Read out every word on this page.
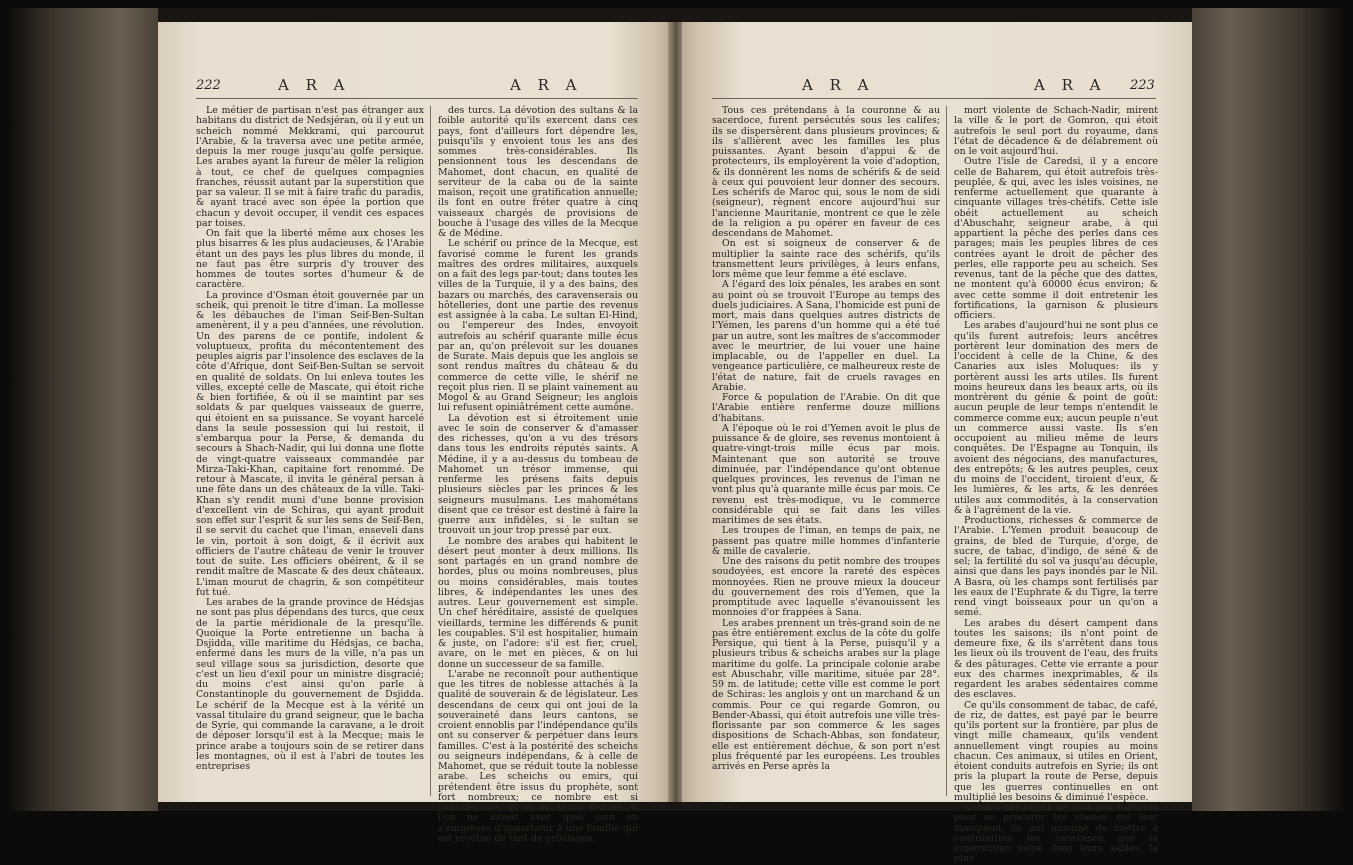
222	A R A	A R A

Le métier de partisan n'est pas étranger aux habitans du district de Nedsjéran, où il y eut un scheich nommé Mekkrami, qui parcourut l'Arabie, & la traversa avec une petite armée, depuis la mer rouge jusqu'au golfe persique. Les arabes ayant la fureur de mêler la religion à tout, ce chef de quelques compagnies franches, réussit autant par la superstition que par sa valeur. Il se mit à faire trafic du paradis, & ayant tracé avec son épée la portion que chacun y devoit occuper, il vendit ces espaces par toises.

On fait que la liberté même aux choses les plus bisarres & les plus audacieuses, & l'Arabie étant un des pays les plus libres du monde, il ne faut pas être surpris d'y trouver des hommes de toutes sortes d'humeur & de caractère.

La province d'Osman étoit gouvernée par un scheik, qui prenoit le titre d'iman. La mollesse & les débauches de l'iman Seif-Ben-Sultan amenèrent, il y a peu d'années, une révolution. Un des parens de ce pontife, indolent & voluptueux, profita du mécontentement des peuples aigris par l'insolence des esclaves de la côte d'Afrique, dont Seif-Ben-Sultan se servoit en qualité de soldats. On lui enleva toutes les villes, excepté celle de Mascate, qui étoit riche & bien fortifiée, & où il se maintint par ses soldats & par quelques vaisseaux de guerre, qui étoient en sa puissance. Se voyant harcelé dans la seule possession qui lui restoit, il s'embarqua pour la Perse, & demanda du secours à Shach-Nadir, qui lui donna une flotte de vingt-quatre vaisseaux commandée par Mirza-Taki-Khan, capitaine fort renommé. De retour à Mascate, il invita le général persan à une fête dans un des châteaux de la ville. Taki-Khan s'y rendit muni d'une bonne provision d'excellent vin de Schiras, qui ayant produit son effet sur l'esprit & sur les sens de Seif-Ben, il se servit du cachet que l'iman, enseveli dans le vin, portoit à son doigt, & il écrivit aux officiers de l'autre château de venir le trouver tout de suite. Les officiers obéirent, & il se rendit maître de Mascate & des deux châteaux. L'iman mourut de chagrin, & son compétiteur fut tué.

Les arabes de la grande province de Hédsjas ne sont pas plus dépendans des turcs, que ceux de la partie méridionale de la presqu'île. Quoique la Porte entretienne un bacha à Dsjidda, ville maritime du Hédsjas, ce bacha, enfermé dans les murs de la ville, n'a pas un seul village sous sa jurisdiction, desorte que c'est un lieu d'exil pour un ministre disgracié; du moins c'est ainsi qu'on parle à Constantinople du gouvernement de Dsjidda. Le schérif de la Mecque est à la vérité un vassal titulaire du grand seigneur, que le bacha de Syrie, qui commande la caravane, a le droit de déposer lorsqu'il est à la Mecque; mais le prince arabe a toujours soin de se retirer dans les montagnes, où il est à l'abri de toutes les entreprises

des turcs. La dévotion des sultans & la foible autorité qu'ils exercent dans ces pays, font d'ailleurs fort dépendre les, puisqu'ils y envoient tous les ans des sommes très-considérables. Ils pensionnent tous les descendans de Mahomet, dont chacun, en qualité de serviteur de la caba ou de la sainte maison, reçoit une gratification annuelle; ils font en outre fréter quatre à cinq vaisseaux chargés de provisions de bouche à l'usage des villes de la Mecque & de Médine.

Le schérif ou prince de la Mecque, est favorisé comme le furent les grands maîtres des ordres militaires, auxquels on a fait des legs par-tout; dans toutes les villes de la Turquie, il y a des bains, des bazars ou marchés, des caravenserais ou hôtelleries, dont une partie des revenus est assignée à la caba. Le sultan El-Hind, ou l'empereur des Indes, envoyoit autrefois au schérif quarante mille écus par an, qu'on prélevoit sur les douanes de Surate. Mais depuis que les anglois se sont rendus maîtres du château & du commerce de cette ville, le shérif ne reçoit plus rien. Il se plaint vainement au Mogol & au Grand Seigneur; les anglois lui refusent opiniâtrément cette aumône.

La dévotion est si étroitement unie avec le soin de conserver & d'amasser des richesses, qu'on a vu des trésors dans tous les endroits réputés saints. A Médine, il y a au-dessus du tombeau de Mahomet un trésor immense, qui renferme les présens faits depuis plusieurs siècles par les princes & les seigneurs musulmans. Les mahométans disent que ce trésor est destiné à faire la guerre aux infidèles, si le sultan se trouvoit un jour trop pressé par eux.

Le nombre des arabes qui habitent le désert peut monter à deux millions. Ils sont partagés en un grand nombre de hordes, plus ou moins nombreuses, plus ou moins considérables, mais toutes libres, & indépendantes les unes des autres. Leur gouvernement est simple. Un chef héréditaire, assisté de quelques vieillards, termine les différends & punit les coupables. S'il est hospitalier, humain & juste, on l'adore: s'il est fier, cruel, avare, on le met en pièces, & on lui donne un successeur de sa famille.

L'arabe ne reconnoît pour authentique que les titres de noblesse attachés à la qualité de souverain & de législateur. Les descendans de ceux qui ont joui de la souveraineté dans leurs cantons, se croient ennoblis par l'indépendance qu'ils ont su conserver & perpétuer dans leurs familles. C'est à la postérité des scheichs ou seigneurs indépendans, & à celle de Mahomet, que se réduit toute la noblesse arabe. Les scheichs ou emirs, qui prétendent être issus du prophète, sont fort nombreux; ce nombre est si considérable, qu'on en seroit étonné, si l'on ne savoit avec quel soin on s'empresse d'appartenir à une famille qui est revêtue de tant de privilèges.

A R A	A R A 223

Tous ces prétendans à la couronne & au sacerdoce, furent persécutés sous les califes; ils se dispersèrent dans plusieurs provinces; & ils s'allièrent avec les familles les plus puissantes. Ayant besoin d'appui & de protecteurs, ils employèrent la voie d'adoption, & ils donnèrent les noms de schérifs & de seid à ceux qui pouvoient leur donner des secours. Les schérifs de Maroc qui, sous le nom de sidi (seigneur), règnent encore aujourd'hui sur l'ancienne Mauritanie, montrent ce que le zèle de la religion a pu opérer en faveur de ces descendans de Mahomet.

On est si soigneux de conserver & de multiplier la sainte race des schérifs, qu'ils transmettent leurs privilèges, à leurs enfans, lors même que leur femme a été esclave.

A l'égard des loix pénales, les arabes en sont au point où se trouvoit l'Europe au temps des duels judiciaires. A Sana, l'homicide est puni de mort, mais dans quelques autres districts de l'Yémen, les parens d'un homme qui a été tué par un autre, sont les maîtres de s'accommoder avec le meurtrier, de lui vouer une haine implacable, ou de l'appeller en duel. La vengeance particulière, ce malheureux reste de l'état de nature, fait de cruels ravages en Arabie.

Force & population de l'Arabie. On dit que l'Arabie entière renferme douze millions d'habitans.

A l'époque où le roi d'Yemen avoit le plus de puissance & de gloire, ses revenus montoient à quatre-vingt-trois mille écus par mois. Maintenant que son autorité se trouve diminuée, par l'indépendance qu'ont obtenue quelques provinces, les revenus de l'iman ne vont plus qu'à quarante mille écus par mois. Ce revenu est très-modique, vu le commerce considérable qui se fait dans les villes maritimes de ses états.

Les troupes de l'iman, en temps de paix, ne passent pas quatre mille hommes d'infanterie & mille de cavalerie.

Une des raisons du petit nombre des troupes soudoyées, est encore la rareté des espèces monnoyées. Rien ne prouve mieux la douceur du gouvernement des rois d'Yemen, que la promptitude avec laquelle s'évanouissent les monnoies d'or frappées à Sana.

Les arabes prennent un très-grand soin de ne pas être entièrement exclus de la côte du golfe Persique, qui tient à la Perse, puisqu'il y a plusieurs tribus & scheichs arabes sur la plage maritime du golfe. La principale colonie arabe est Abuschahr, ville maritime, située par 28°. 59 m. de latitude; cette ville est comme le port de Schiras: les anglois y ont un marchand & un commis. Pour ce qui regarde Gomron, ou Bender-Abassi, qui étoit autrefois une ville très-florissante par son commerce & les sages dispositions de Schach-Abbas, son fondateur, elle est entièrement déchue, & son port n'est plus fréquenté par les européens. Les troubles arrivés en Perse après la

mort violente de Schach-Nadir, mirent la ville & le port de Gomron, qui étoit autrefois le seul port du royaume, dans l'état de décadence & de délabrement où on le voit aujourd'hui.

Outre l'isle de Caredsi, il y a encore celle de Baharem, qui étoit autrefois très-peuplée, & qui, avec les isles voisines, ne renferme actuellement que quarante à cinquante villages très-chétifs. Cette isle obéit actuellement au scheich d'Abuschahr, seigneur arabe, à qui appartient la pêche des perles dans ces parages; mais les peuples libres de ces contrées ayant le droit de pêcher des perles, elle rapporte peu au scheich. Ses revenus, tant de la pêche que des dattes, ne montent qu'à 60000 écus environ; & avec cette somme il doit entretenir les fortifications, la garnison & plusieurs officiers.

Les arabes d'aujourd'hui ne sont plus ce qu'ils furent autrefois; leurs ancêtres portèrent leur domination des mers de l'occident à celle de la Chine, & des Canaries aux isles Moluques: ils y portèrent aussi les arts utiles. Ils furent moins heureux dans les beaux arts, où ils montrèrent du génie & point de goût: aucun peuple de leur temps n'entendit le commerce comme eux; aucun peuple n'eut un commerce aussi vaste. Ils s'en occupoient au milieu même de leurs conquêtes. De l'Espagne au Tonquin, ils avoient des négocians, des manufactures, des entrepôts; & les autres peuples, ceux du moins de l'occident, tiroient d'eux, & les lumières, & les arts, & les denrées utiles aux commodités, à la conservation & à l'agrément de la vie.

Productions, richesses & commerce de l'Arabie. L'Yemen produit beaucoup de grains, de bled de Turquie, d'orge, de sucre, de tabac, d'indigo, de séné & de sel; la fertilité du sol va jusqu'au décuple, ainsi que dans les pays inondés par le Nil. A Basra, où les champs sont fertilisés par les eaux de l'Euphrate & du Tigre, la terre rend vingt boisseaux pour un qu'on a semé.

Les arabes du désert campent dans toutes les saisons; ils n'ont point de demeure fixe, & ils s'arrêtent dans tous les lieux où ils trouvent de l'eau, des fruits & des pâturages. Cette vie errante a pour eux des charmes inexprimables, & ils regardent les arabes sédentaires comme des esclaves.

Ce qu'ils consomment de tabac, de café, de riz, de dattes, est payé par le beurre qu'ils portent sur la frontière, par plus de vingt mille chameaux, qu'ils vendent annuellement vingt roupies au moins chacun. Ces animaux, si utiles en Orient, étoient conduits autrefois en Syrie; ils ont pris la plupart la route de Perse, depuis que les guerres continuelles en ont multiplié les besoins & diminué l'espèce.

Comme ces objets ne sont pas suffisans pour se procurer les choses qui leur manquent, ils ont imaginé de mettre à contribution les caravanes que la superstition mène dans leurs sables; la plus
